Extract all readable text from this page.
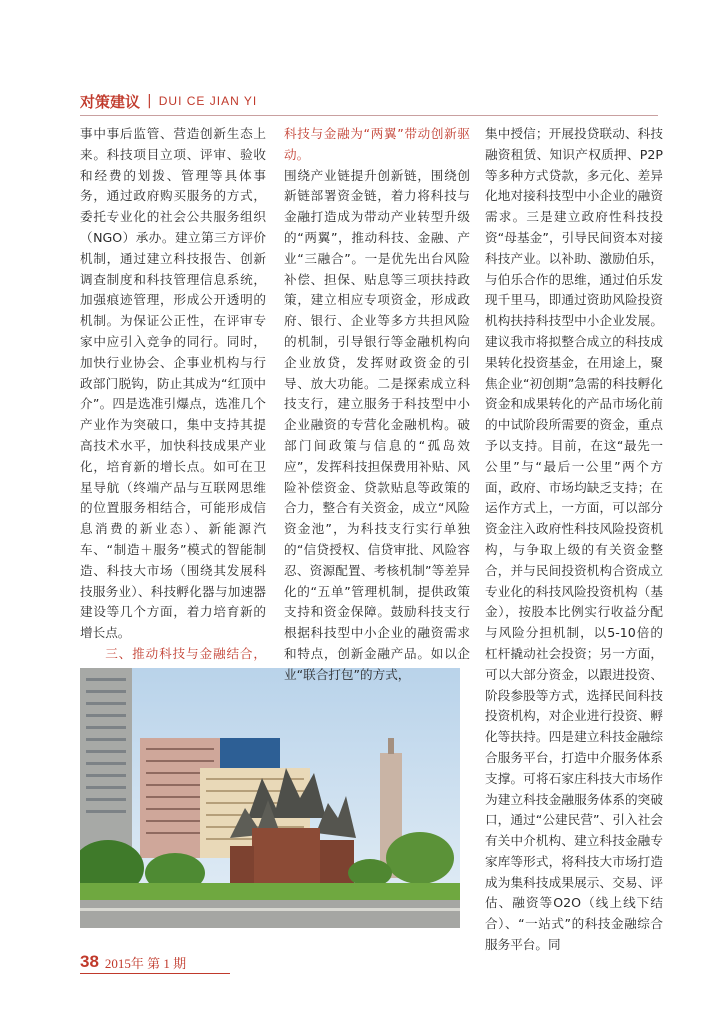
对策建议 | DUI CE JIAN YI

事中事后监管、营造创新生态上来。科技项目立项、评审、验收和经费的划拨、管理等具体事务，通过政府购买服务的方式，委托专业化的社会公共服务组织（NGO）承办。建立第三方评价机制，通过建立科技报告、创新调查制度和科技管理信息系统，加强痕迹管理，形成公开透明的机制。为保证公正性，在评审专家中应引入竞争的同行。同时，加快行业协会、企事业机构与行政部门脱钩，防止其成为“红顶中介”。四是选准引爆点，选准几个产业作为突破口，集中支持其提高技术水平，加快科技成果产业化，培育新的增长点。如可在卫星导航（终端产品与互联网思维的位置服务相结合，可能形成信息消费的新业态）、新能源汽车、“制造＋服务”模式的智能制造、科技大市场（围绕其发展科技服务业）、科技孵化器与加速器建设等几个方面，着力培育新的增长点。

三、推动科技与金融结合，

科技与金融为“两翼”带动创新驱动。

围绕产业链提升创新链，围绕创新链部署资金链，着力将科技与金融打造成为带动产业转型升级的“两翼”，推动科技、金融、产业“三融合”。一是优先出台风险补偿、担保、贴息等三项扶持政策，建立相应专项资金，形成政府、银行、企业等多方共担风险的机制，引导银行等金融机构向企业放贷，发挥财政资金的引导、放大功能。二是探索成立科技支行，建立服务于科技型中小企业融资的专营化金融机构。破部门间政策与信息的“孤岛效应”，发挥科技担保费用补贴、风险补偿资金、贷款贴息等政策的合力，整合有关资金，成立“风险资金池”，为科技支行实行单独的“信贷授权、信贷审批、风险容忍、资源配置、考核机制”等差异化的“五单”管理机制，提供政策支持和资金保障。鼓励科技支行根据科技型中小企业的融资需求和特点，创新金融产品。如以企业“联合打包”的方式，

集中授信；开展投贷联动、科技融资租赁、知识产权质押、P2P等多种方式贷款，多元化、差异化地对接科技型中小企业的融资需求。三是建立政府性科技投资“母基金”，引导民间资本对接科技产业。以补助、激励伯乐，与伯乐合作的思维，通过伯乐发现千里马，即通过资助风险投资机构扶持科技型中小企业发展。建议我市将拟整合成立的科技成果转化投资基金，在用途上，聚焦企业“初创期”急需的科技孵化资金和成果转化的产品市场化前的中试阶段所需要的资金，重点予以支持。目前，在这“最先一公里”与“最后一公里”两个方面，政府、市场均缺乏支持；在运作方式上，一方面，可以部分资金注入政府性科技风险投资机构，与争取上级的有关资金整合，并与民间投资机构合资成立专业化的科技风险投资机构（基金），按股本比例实行收益分配与风险分担机制，以5-10倍的杠杆撬动社会投资；另一方面，可以大部分资金，以跟进投资、阶段参股等方式，选择民间科技投资机构，对企业进行投资、孵化等扶持。四是建立科技金融综合服务平台，打造中介服务体系支撑。可将石家庄科技大市场作为建立科技金融服务体系的突破口，通过“公建民营”、引入社会有关中介机构、建立科技金融专家库等形式，将科技大市场打造成为集科技成果展示、交易、评估、融资等O2O（线上线下结合）、“一站式”的科技金融综合服务平台。同

38 2015年 第 1 期
